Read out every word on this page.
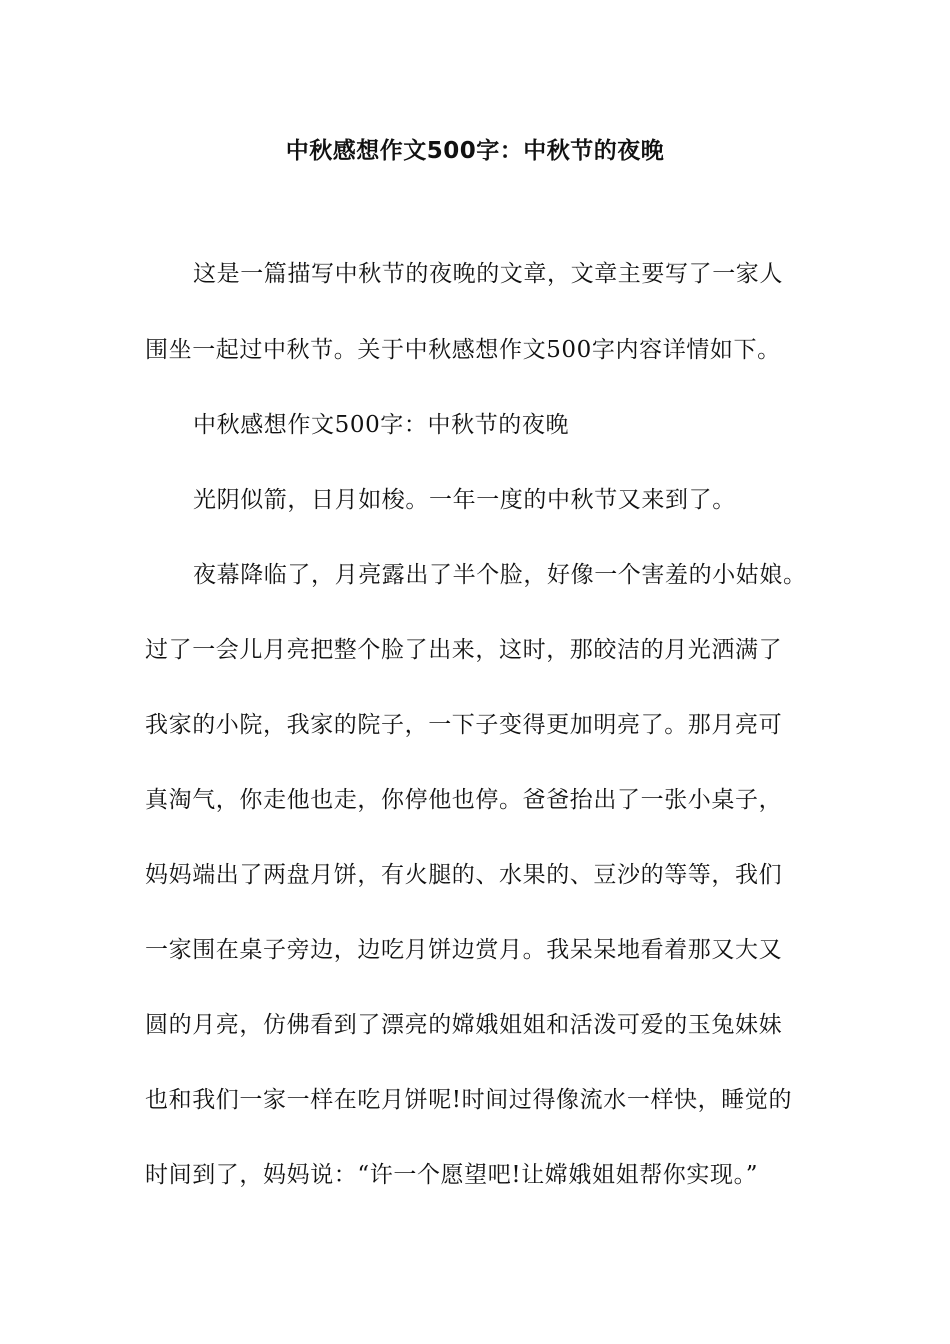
中秋感想作文500字：中秋节的夜晚
这是一篇描写中秋节的夜晚的文章，文章主要写了一家人
围坐一起过中秋节。关于中秋感想作文500字内容详情如下。
中秋感想作文500字：中秋节的夜晚
光阴似箭，日月如梭。一年一度的中秋节又来到了。
夜幕降临了，月亮露出了半个脸，好像一个害羞的小姑娘。
过了一会儿月亮把整个脸了出来，这时，那皎洁的月光洒满了
我家的小院，我家的院子，一下子变得更加明亮了。那月亮可
真淘气，你走他也走，你停他也停。爸爸抬出了一张小桌子，
妈妈端出了两盘月饼，有火腿的、水果的、豆沙的等等，我们
一家围在桌子旁边，边吃月饼边赏月。我呆呆地看着那又大又
圆的月亮，仿佛看到了漂亮的嫦娥姐姐和活泼可爱的玉兔妹妹
也和我们一家一样在吃月饼呢!时间过得像流水一样快，睡觉的
时间到了，妈妈说：“许一个愿望吧!让嫦娥姐姐帮你实现。”
